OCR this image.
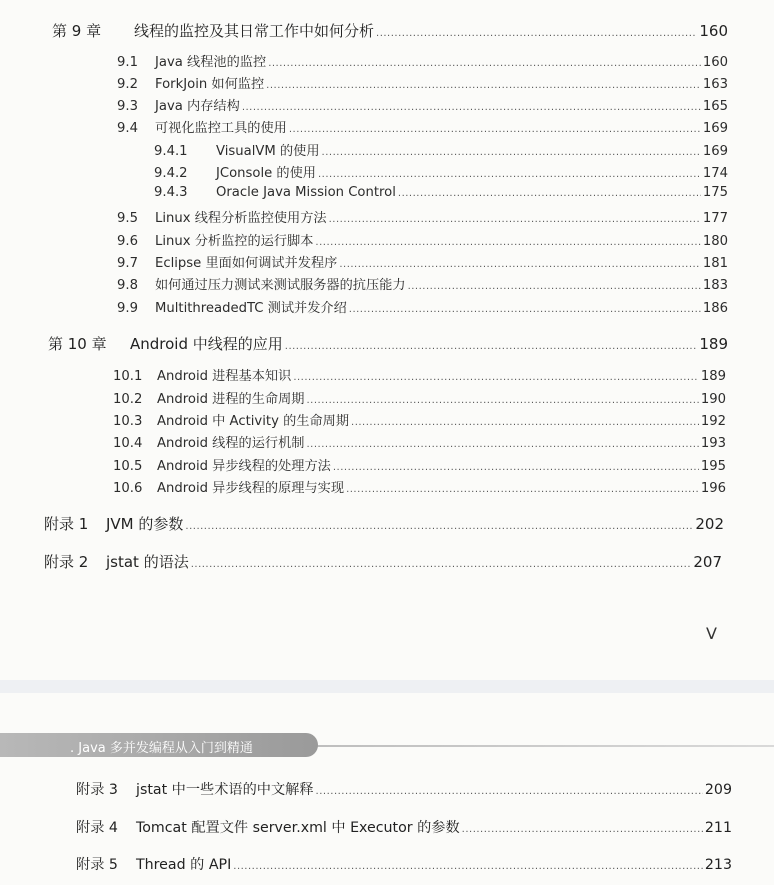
第 9 章	线程的监控及其日常工作中如何分析 .....	160
9.1	Java 线程池的监控 .....	160
9.2	ForkJoin 如何监控 .....	163
9.3	Java 内存结构 .....	165
9.4	可视化监控工具的使用 .....	169
9.4.1	VisualVM 的使用 .....	169
9.4.2	JConsole 的使用 .....	174
9.4.3	Oracle Java Mission Control .....	175
9.5	Linux 线程分析监控使用方法 .....	177
9.6	Linux 分析监控的运行脚本 .....	180
9.7	Eclipse 里面如何调试并发程序 .....	181
9.8	如何通过压力测试来测试服务器的抗压能力 .....	183
9.9	MultithreadedTC 测试并发介绍 .....	186
第 10 章	Android 中线程的应用 .....	189
10.1	Android 进程基本知识 .....	189
10.2	Android 进程的生命周期 .....	190
10.3	Android 中 Activity 的生命周期 .....	192
10.4	Android 线程的运行机制 .....	193
10.5	Android 异步线程的处理方法 .....	195
10.6	Android 异步线程的原理与实现 .....	196
附录 1	JVM 的参数 .....	202
附录 2	jstat 的语法 .....	207
V
. Java 多并发编程从入门到精通
附录 3	jstat 中一些术语的中文解释 .....	209
附录 4	Tomcat 配置文件 server.xml 中 Executor 的参数 .....	211
附录 5	Thread 的 API .....	213
